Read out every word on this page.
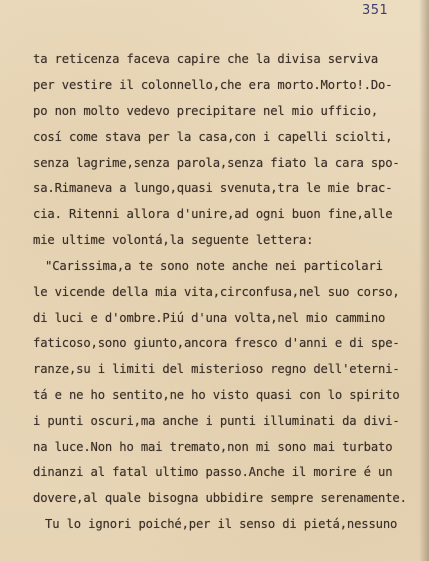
351
ta reticenza faceva capire che la divisa serviva
per vestire il colonnello,che era morto.Morto!.Do-
po non molto vedevo precipitare nel mio ufficio,
cosí come stava per la casa,con i capelli sciolti,
senza lagrime,senza parola,senza fiato la cara spo-
sa.Rimaneva a lungo,quasi svenuta,tra le mie brac-
cia. Ritenni allora d'unire,ad ogni buon fine,alle
mie ultime volontá,la seguente lettera:
"Carissima,a te sono note anche nei particolari
le vicende della mia vita,circonfusa,nel suo corso,
di luci e d'ombre.Piú d'una volta,nel mio cammino
faticoso,sono giunto,ancora fresco d'anni e di spe-
ranze,su i limiti del misterioso regno dell'eterni-
tá e ne ho sentito,ne ho visto quasi con lo spirito
i punti oscuri,ma anche i punti illuminati da divi-
na luce.Non ho mai tremato,non mi sono mai turbato
dinanzi al fatal ultimo passo.Anche il morire é un
dovere,al quale bisogna ubbidire sempre serenamente.
Tu lo ignori poiché,per il senso di pietá,nessuno
